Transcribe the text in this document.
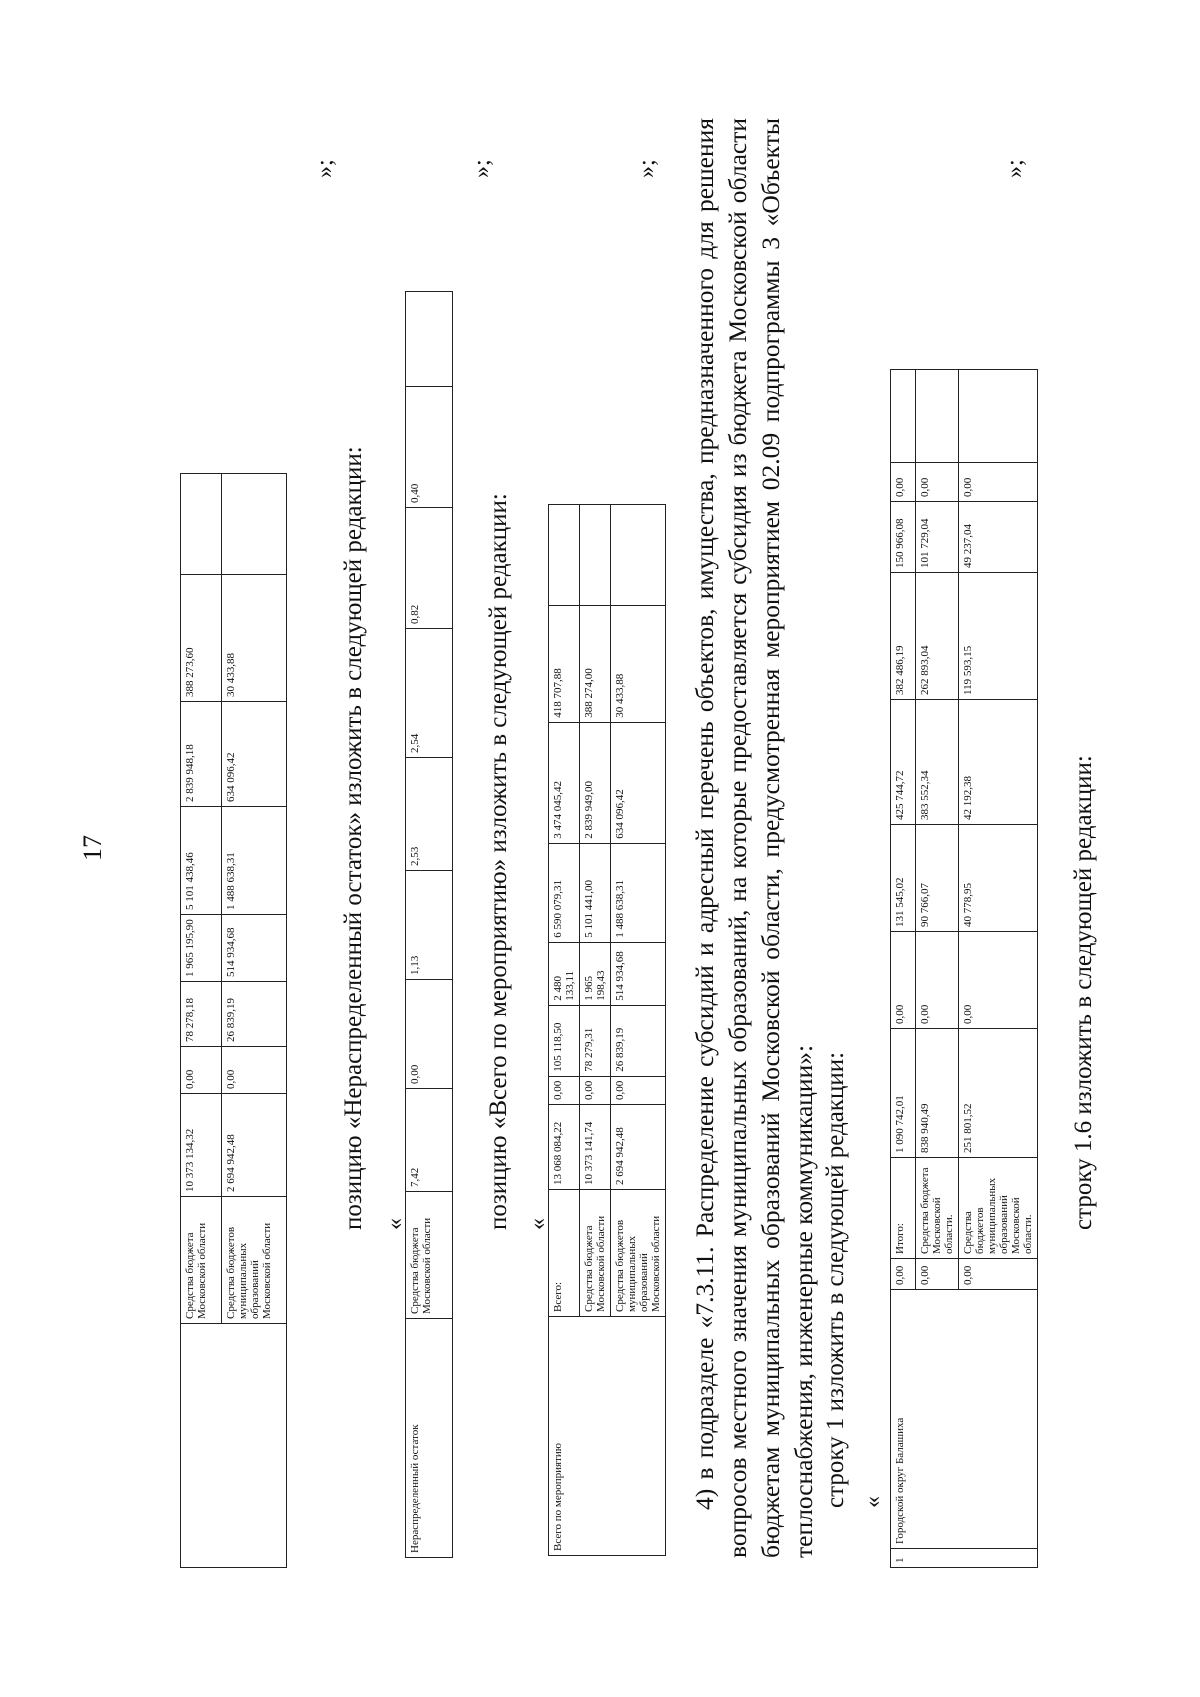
17
	Средства бюджета Московской области	10 373 134,32	0,00	78 278,18	1 965 195,90	5 101 438,46	2 839 948,18	388 273,60	
	Средства бюджетов муниципальных образований Московской области	2 694 942,48	0,00	26 839,19	514 934,68	1 488 638,31	634 096,42	30 433,88	
»;
позицию «Нераспределенный остаток» изложить в следующей редакции: «
Нераспределенный остаток	Средства бюджета Московской области	7,42	0,00	1,13	2,53	2,54	0,82	0,40	
»;
позицию «Всего по мероприятию» изложить в следующей редакции: «
Всего по мероприятию	Всего:	13 068 084,22	0,00	105 118,50	2 480 133,11	6 590 079,31	3 474 045,42	418 707,88	
	Средства бюджета Московской области	10 373 141,74	0,00	78 279,31	1 965 198,43	5 101 441,00	2 839 949,00	388 274,00	
	Средства бюджетов муниципальных образований Московской области	2 694 942,48	0,00	26 839,19	514 934,68	1 488 638,31	634 096,42	30 433,88	
»; 4) в подразделе «7.3.11. Распределение субсидий и адресный перечень объектов, имущества, предназначенного для решения вопросов местного значения муниципальных образований, на которые предоставляется субсидия из бюджета Московской области бюджетам муниципальных образований Московской области, предусмотренная мероприятием 02.09 подпрограммы 3 «Объекты теплоснабжения, инженерные коммуникации»: строку 1 изложить в следующей редакции: «
1	Городской округ Балашиха	0,00	Итого:	1 090 742,01	0,00	131 545,02	425 744,72	382 486,19	150 966,08	0,00	
		0,00	Средства бюджета Московской области.	838 940,49	0,00	90 766,07	383 552,34	262 893,04	101 729,04	0,00	
		0,00	Средства бюджетов муниципальных образований Московской области.	251 801,52	0,00	40 778,95	42 192,38	119 593,15	49 237,04	0,00	
»;
строку 1.6 изложить в следующей редакции:
